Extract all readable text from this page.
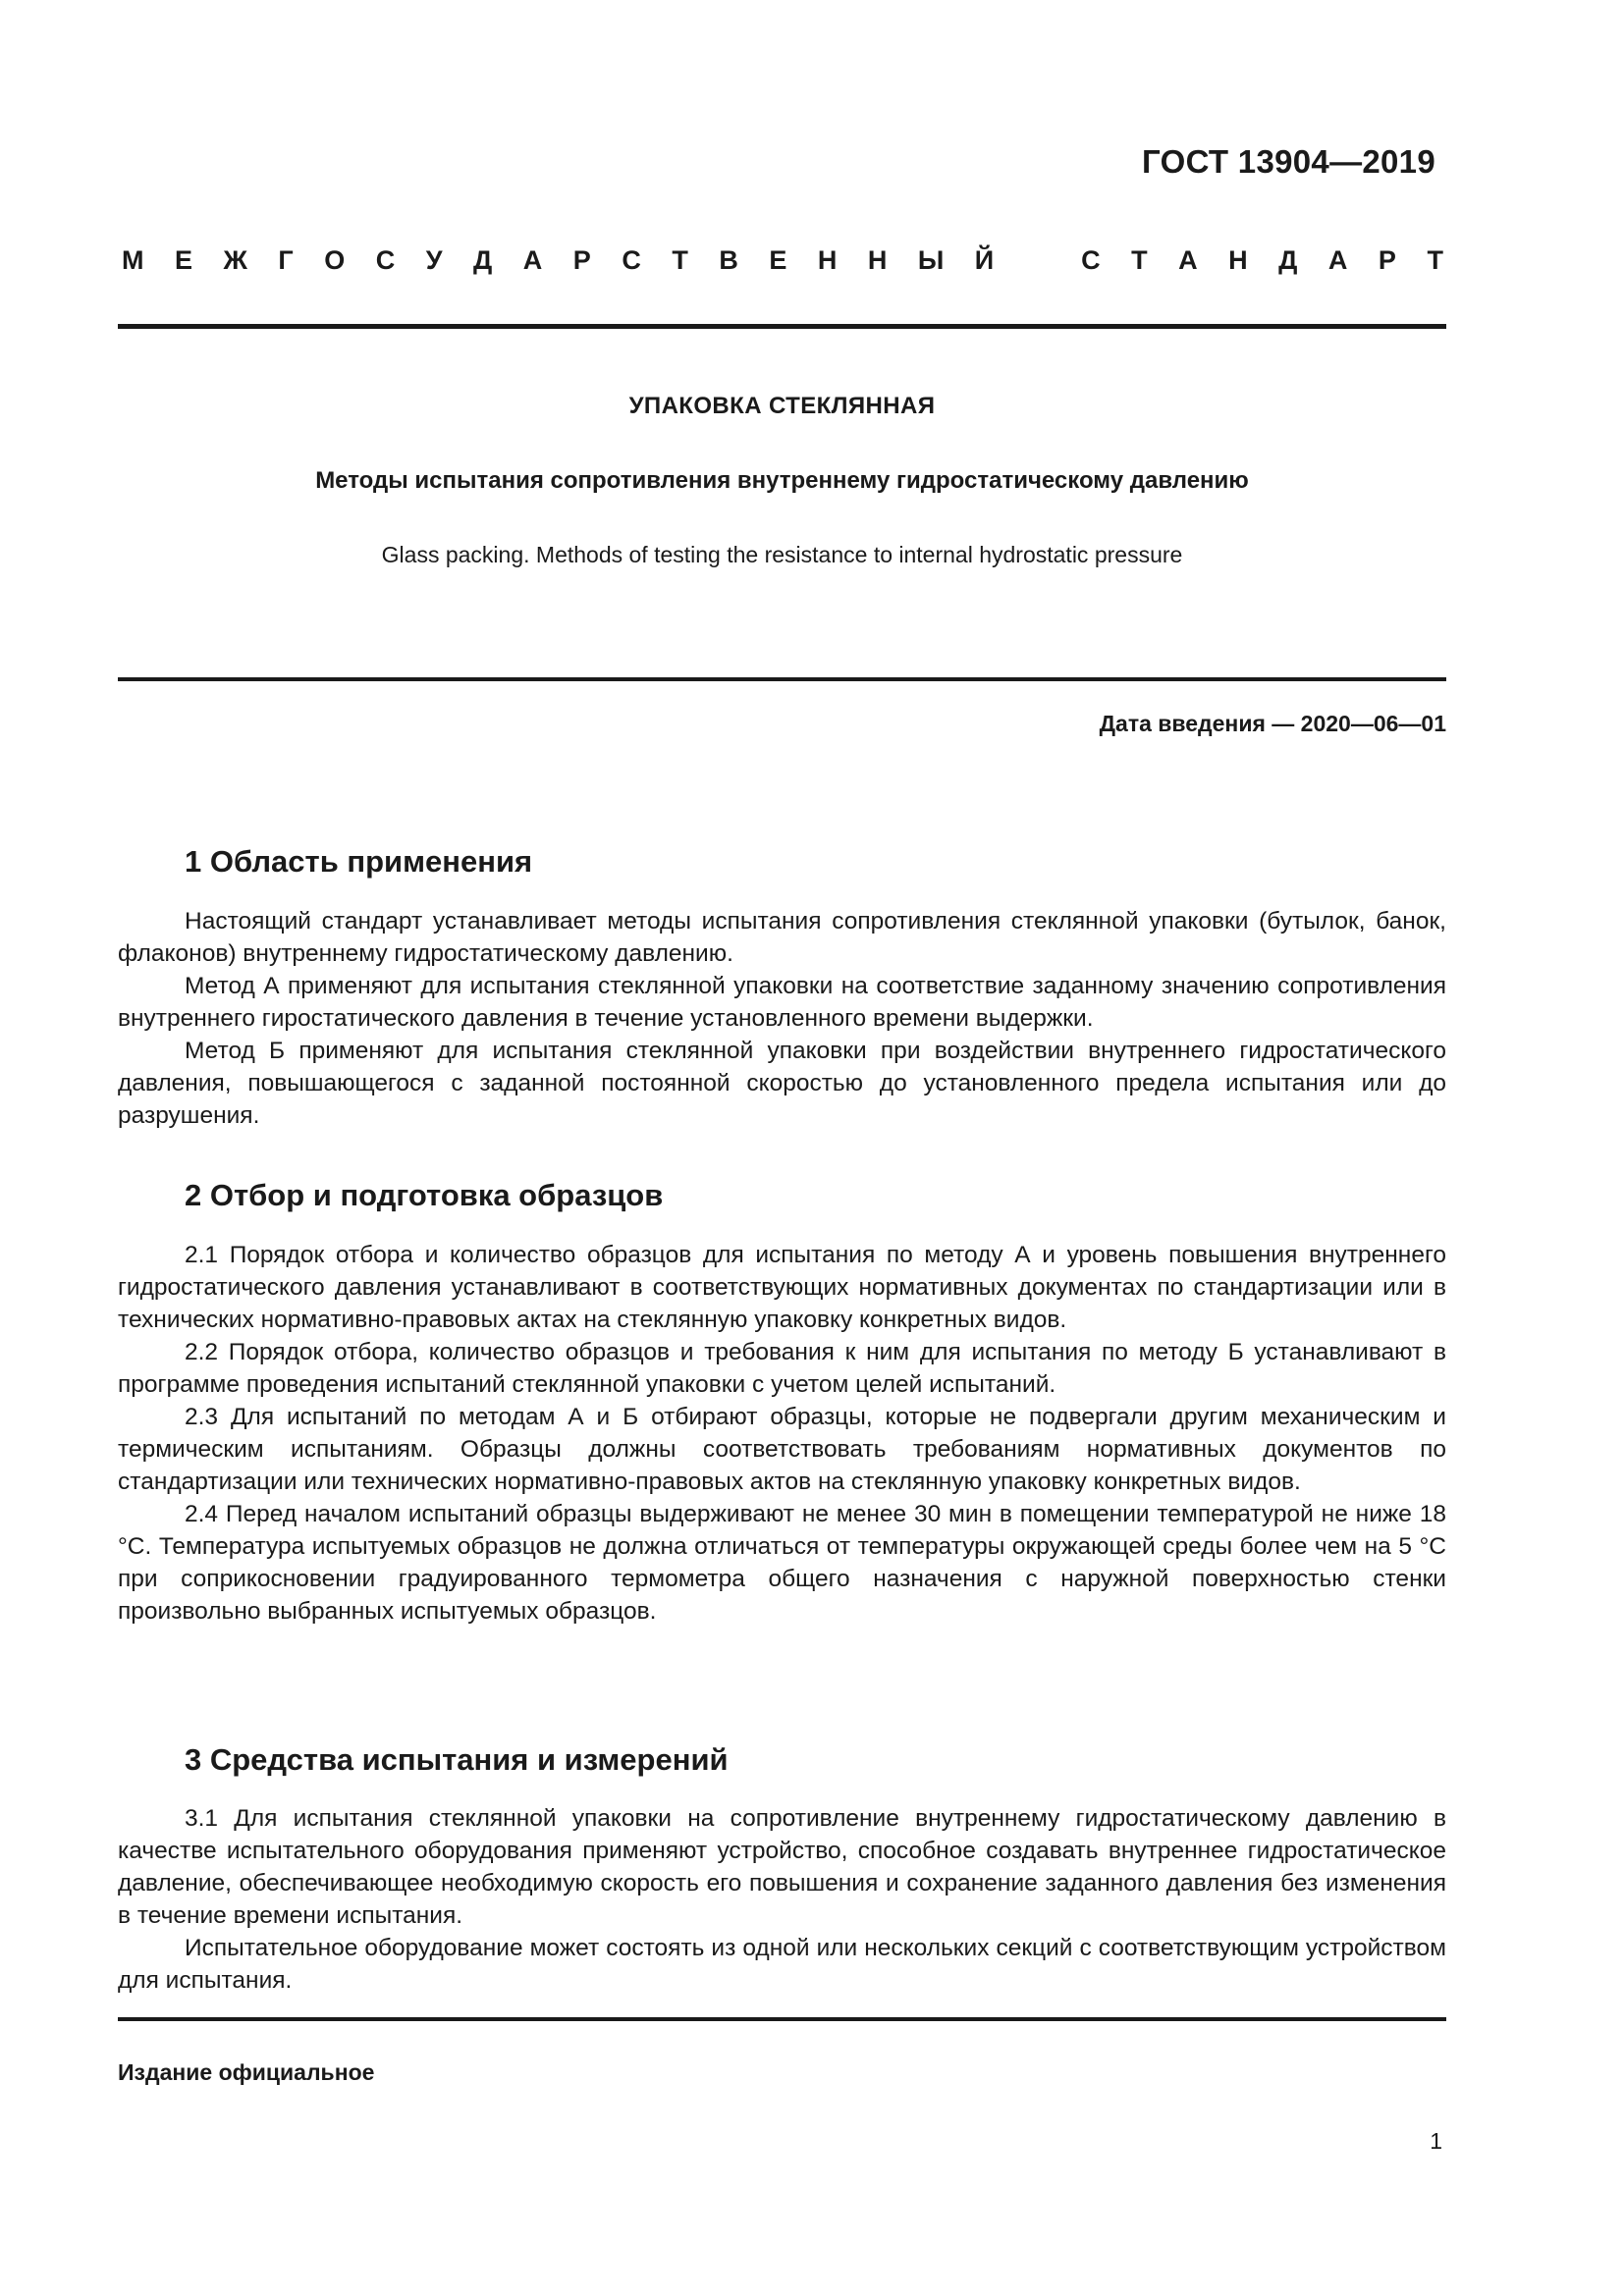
ГОСТ 13904—2019
М Е Ж Г О С У Д А Р С Т В Е Н Н Ы Й	С Т А Н Д А Р Т
УПАКОВКА СТЕКЛЯННАЯ
Методы испытания сопротивления внутреннему гидростатическому давлению
Glass packing. Methods of testing the resistance to internal hydrostatic pressure
Дата введения — 2020—06—01
1 Область применения

Настоящий стандарт устанавливает методы испытания сопротивления стеклянной упаковки (бутылок, банок, флаконов) внутреннему гидростатическому давлению.

Метод А применяют для испытания стеклянной упаковки на соответствие заданному значению сопротивления внутреннего гиростатического давления в течение установленного времени выдержки.

Метод Б применяют для испытания стеклянной упаковки при воздействии внутреннего гидростатического давления, повышающегося с заданной постоянной скоростью до установленного предела испытания или до разрушения.

2 Отбор и подготовка образцов

2.1 Порядок отбора и количество образцов для испытания по методу А и уровень повышения внутреннего гидростатического давления устанавливают в соответствующих нормативных документах по стандартизации или в технических нормативно-правовых актах на стеклянную упаковку конкретных видов.

2.2 Порядок отбора, количество образцов и требования к ним для испытания по методу Б устанавливают в программе проведения испытаний стеклянной упаковки с учетом целей испытаний.

2.3 Для испытаний по методам А и Б отбирают образцы, которые не подвергали другим механическим и термическим испытаниям. Образцы должны соответствовать требованиям нормативных документов по стандартизации или технических нормативно-правовых актов на стеклянную упаковку конкретных видов.

2.4 Перед началом испытаний образцы выдерживают не менее 30 мин в помещении температурой не ниже 18 °С. Температура испытуемых образцов не должна отличаться от температуры окружающей среды более чем на 5 °С при соприкосновении градуированного термометра общего назначения с наружной поверхностью стенки произвольно выбранных испытуемых образцов.

3 Средства испытания и измерений

3.1 Для испытания стеклянной упаковки на сопротивление внутреннему гидростатическому давлению в качестве испытательного оборудования применяют устройство, способное создавать внутреннее гидростатическое давление, обеспечивающее необходимую скорость его повышения и сохранение заданного давления без изменения в течение времени испытания.

Испытательное оборудование может состоять из одной или нескольких секций с соответствующим устройством для испытания.

Издание официальное
1
